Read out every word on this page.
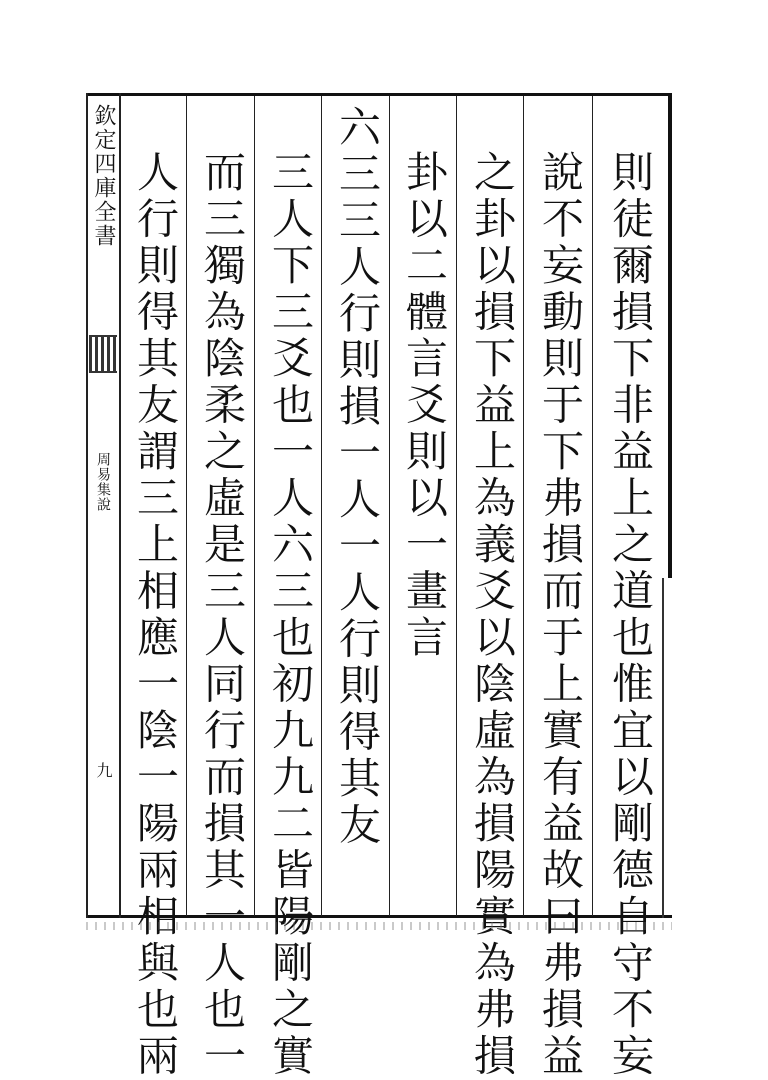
欽定四庫全書
周易集說
九	則徒爾損下非益上之道也惟宜以剛德自守不妄
說不妄動則于下弗損而于上實有益故曰弗損益
之卦以損下益上為義爻以陰虛為損陽實為弗損
卦以二體言爻則以一畫言
六三三人行則損一人一人行則得其友
三人下三爻也一人六三也初九九二皆陽剛之實
而三獨為陰柔之虛是三人同行而損其一人也一
人行則得其友謂三上相應一陰一陽兩相與也兩
